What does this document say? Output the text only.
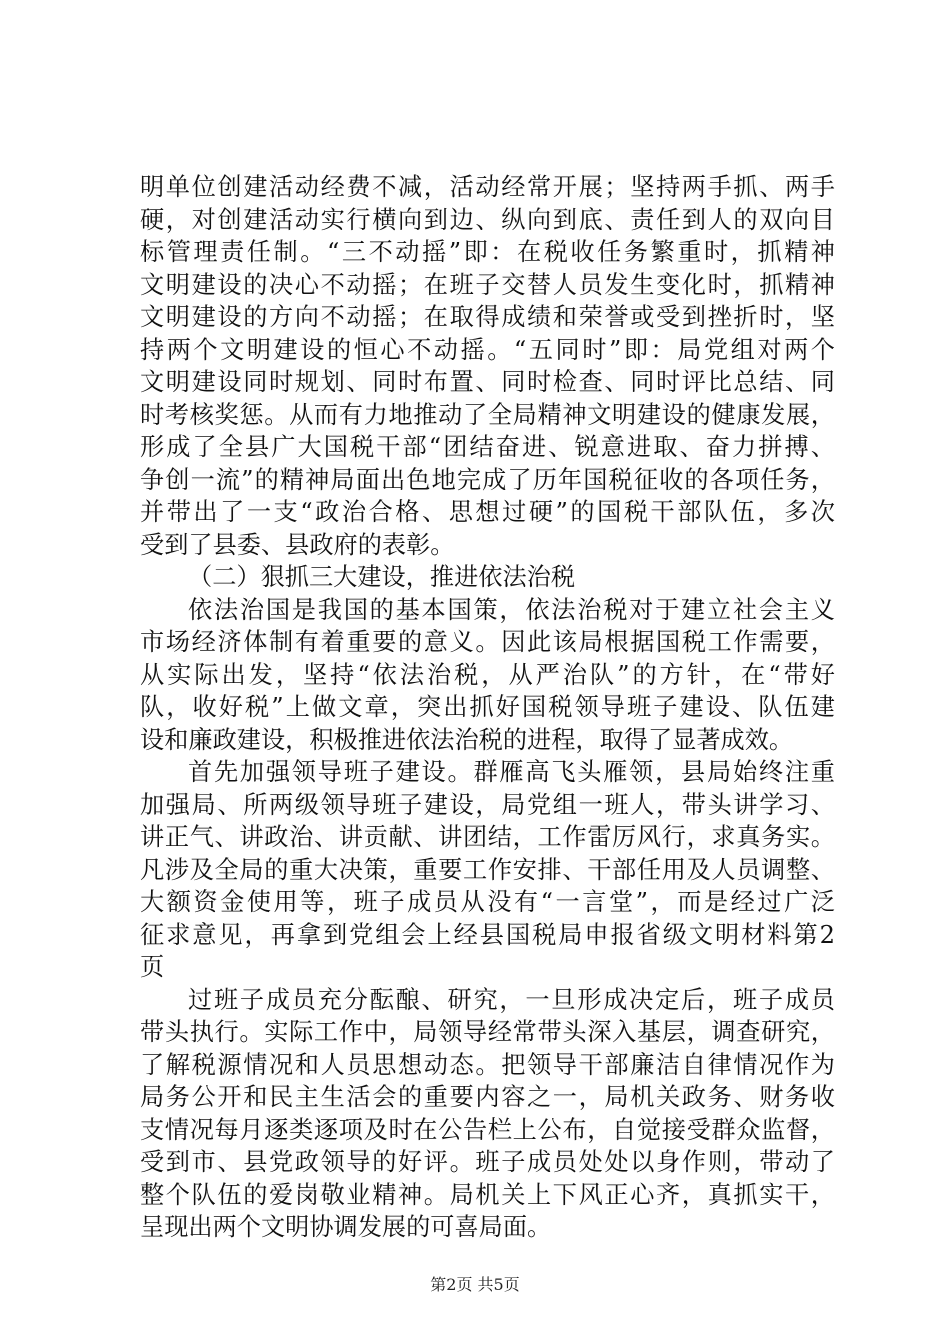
明单位创建活动经费不减，活动经常开展；坚持两手抓、两手
硬，对创建活动实行横向到边、纵向到底、责任到人的双向目
标管理责任制。“三不动摇”即：在税收任务繁重时，抓精神
文明建设的决心不动摇；在班子交替人员发生变化时，抓精神
文明建设的方向不动摇；在取得成绩和荣誉或受到挫折时，坚
持两个文明建设的恒心不动摇。“五同时”即：局党组对两个
文明建设同时规划、同时布置、同时检查、同时评比总结、同
时考核奖惩。从而有力地推动了全局精神文明建设的健康发展，
形成了全县广大国税干部“团结奋进、锐意进取、奋力拼搏、
争创一流”的精神局面出色地完成了历年国税征收的各项任务，
并带出了一支“政治合格、思想过硬”的国税干部队伍，多次
受到了县委、县政府的表彰。
（二）狠抓三大建设，推进依法治税
依法治国是我国的基本国策，依法治税对于建立社会主义
市场经济体制有着重要的意义。因此该局根据国税工作需要，
从实际出发，坚持“依法治税，从严治队”的方针，在“带好
队，收好税”上做文章，突出抓好国税领导班子建设、队伍建
设和廉政建设，积极推进依法治税的进程，取得了显著成效。
首先加强领导班子建设。群雁高飞头雁领，县局始终注重
加强局、所两级领导班子建设，局党组一班人，带头讲学习、
讲正气、讲政治、讲贡献、讲团结，工作雷厉风行，求真务实。
凡涉及全局的重大决策，重要工作安排、干部任用及人员调整、
大额资金使用等，班子成员从没有“一言堂”，而是经过广泛
征求意见，再拿到党组会上经县国税局申报省级文明材料第2
页
过班子成员充分酝酿、研究，一旦形成决定后，班子成员
带头执行。实际工作中，局领导经常带头深入基层，调查研究，
了解税源情况和人员思想动态。把领导干部廉洁自律情况作为
局务公开和民主生活会的重要内容之一，局机关政务、财务收
支情况每月逐类逐项及时在公告栏上公布，自觉接受群众监督，
受到市、县党政领导的好评。班子成员处处以身作则，带动了
整个队伍的爱岗敬业精神。局机关上下风正心齐，真抓实干，
呈现出两个文明协调发展的可喜局面。
第2页 共5页
